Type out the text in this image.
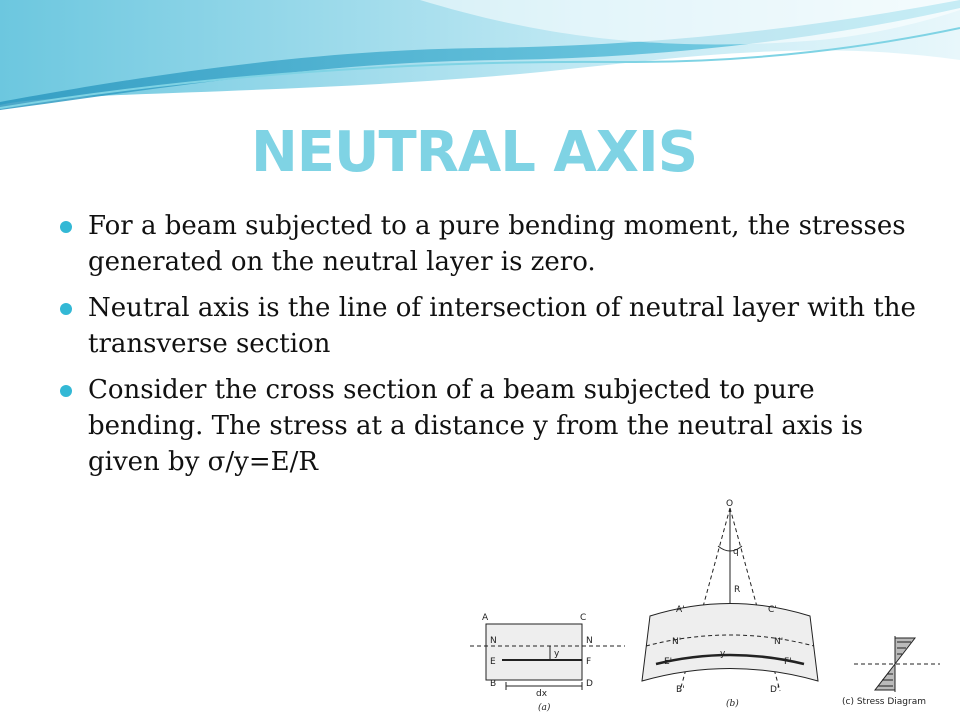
NEUTRAL AXIS
For a beam subjected to a pure bending moment, the stresses generated on the neutral layer is zero.
Neutral axis is the line of intersection of neutral layer with the transverse section
Consider the cross section of a beam subjected to pure bending. The stress at a distance y from the neutral axis is given by σ/y=E/R
A	C
N	N
E	F
B	D
y
dx
(a)
O
q
R
A'	C'
N'	N'
E'	F'
B'	D'
y
(b)	(c) Stress Diagram
